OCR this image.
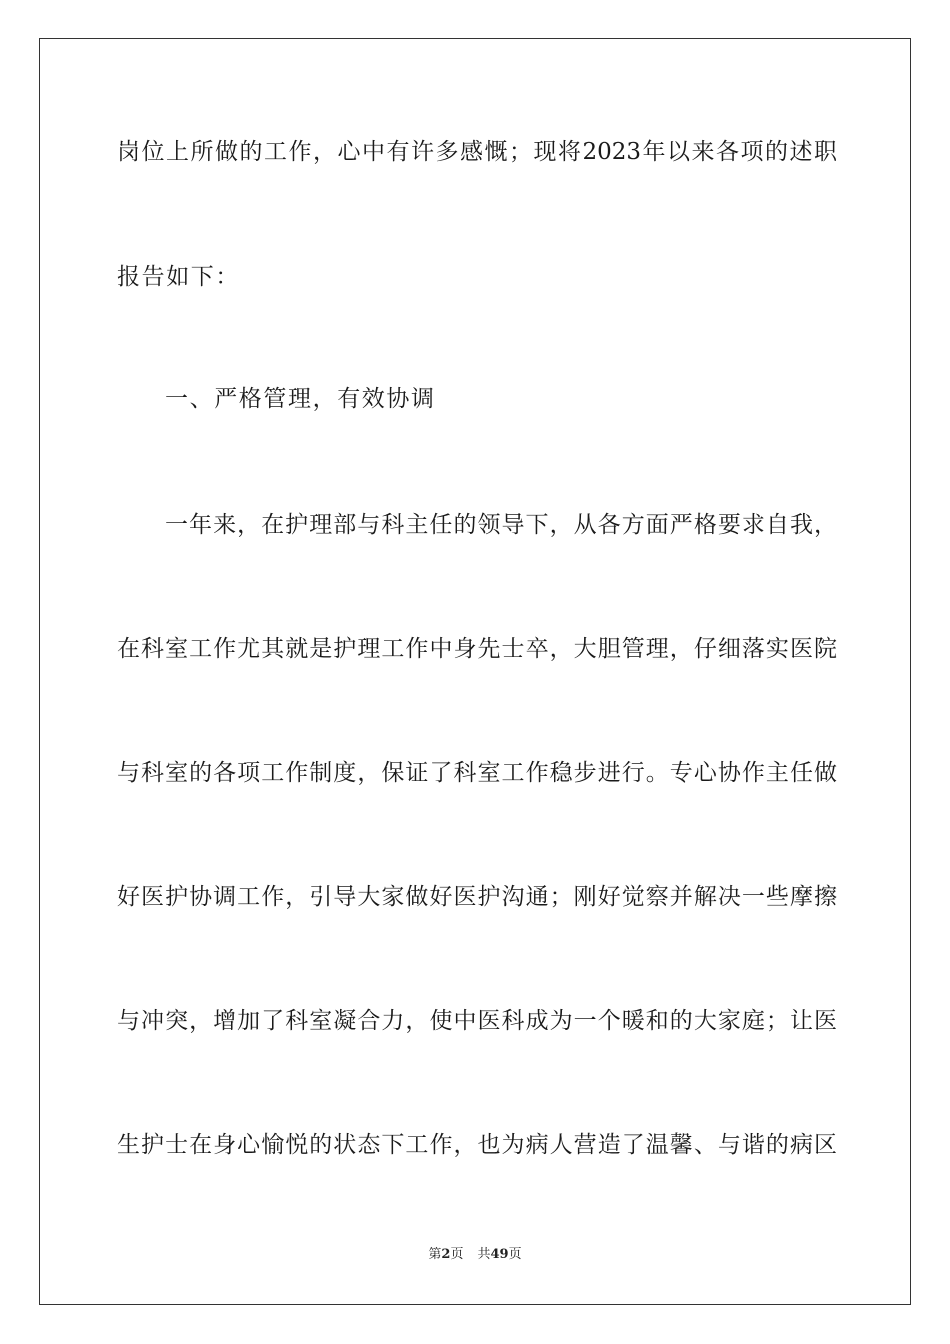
岗位上所做的工作，心中有许多感慨；现将2023年以来各项的述职
报告如下：
一、严格管理，有效协调
一年来，在护理部与科主任的领导下，从各方面严格要求自我，
在科室工作尤其就是护理工作中身先士卒，大胆管理，仔细落实医院
与科室的各项工作制度，保证了科室工作稳步进行。专心协作主任做
好医护协调工作，引导大家做好医护沟通；刚好觉察并解决一些摩擦
与冲突，增加了科室凝合力，使中医科成为一个暖和的大家庭；让医
生护士在身心愉悦的状态下工作，也为病人营造了温馨、与谐的病区
第2页 共49页
